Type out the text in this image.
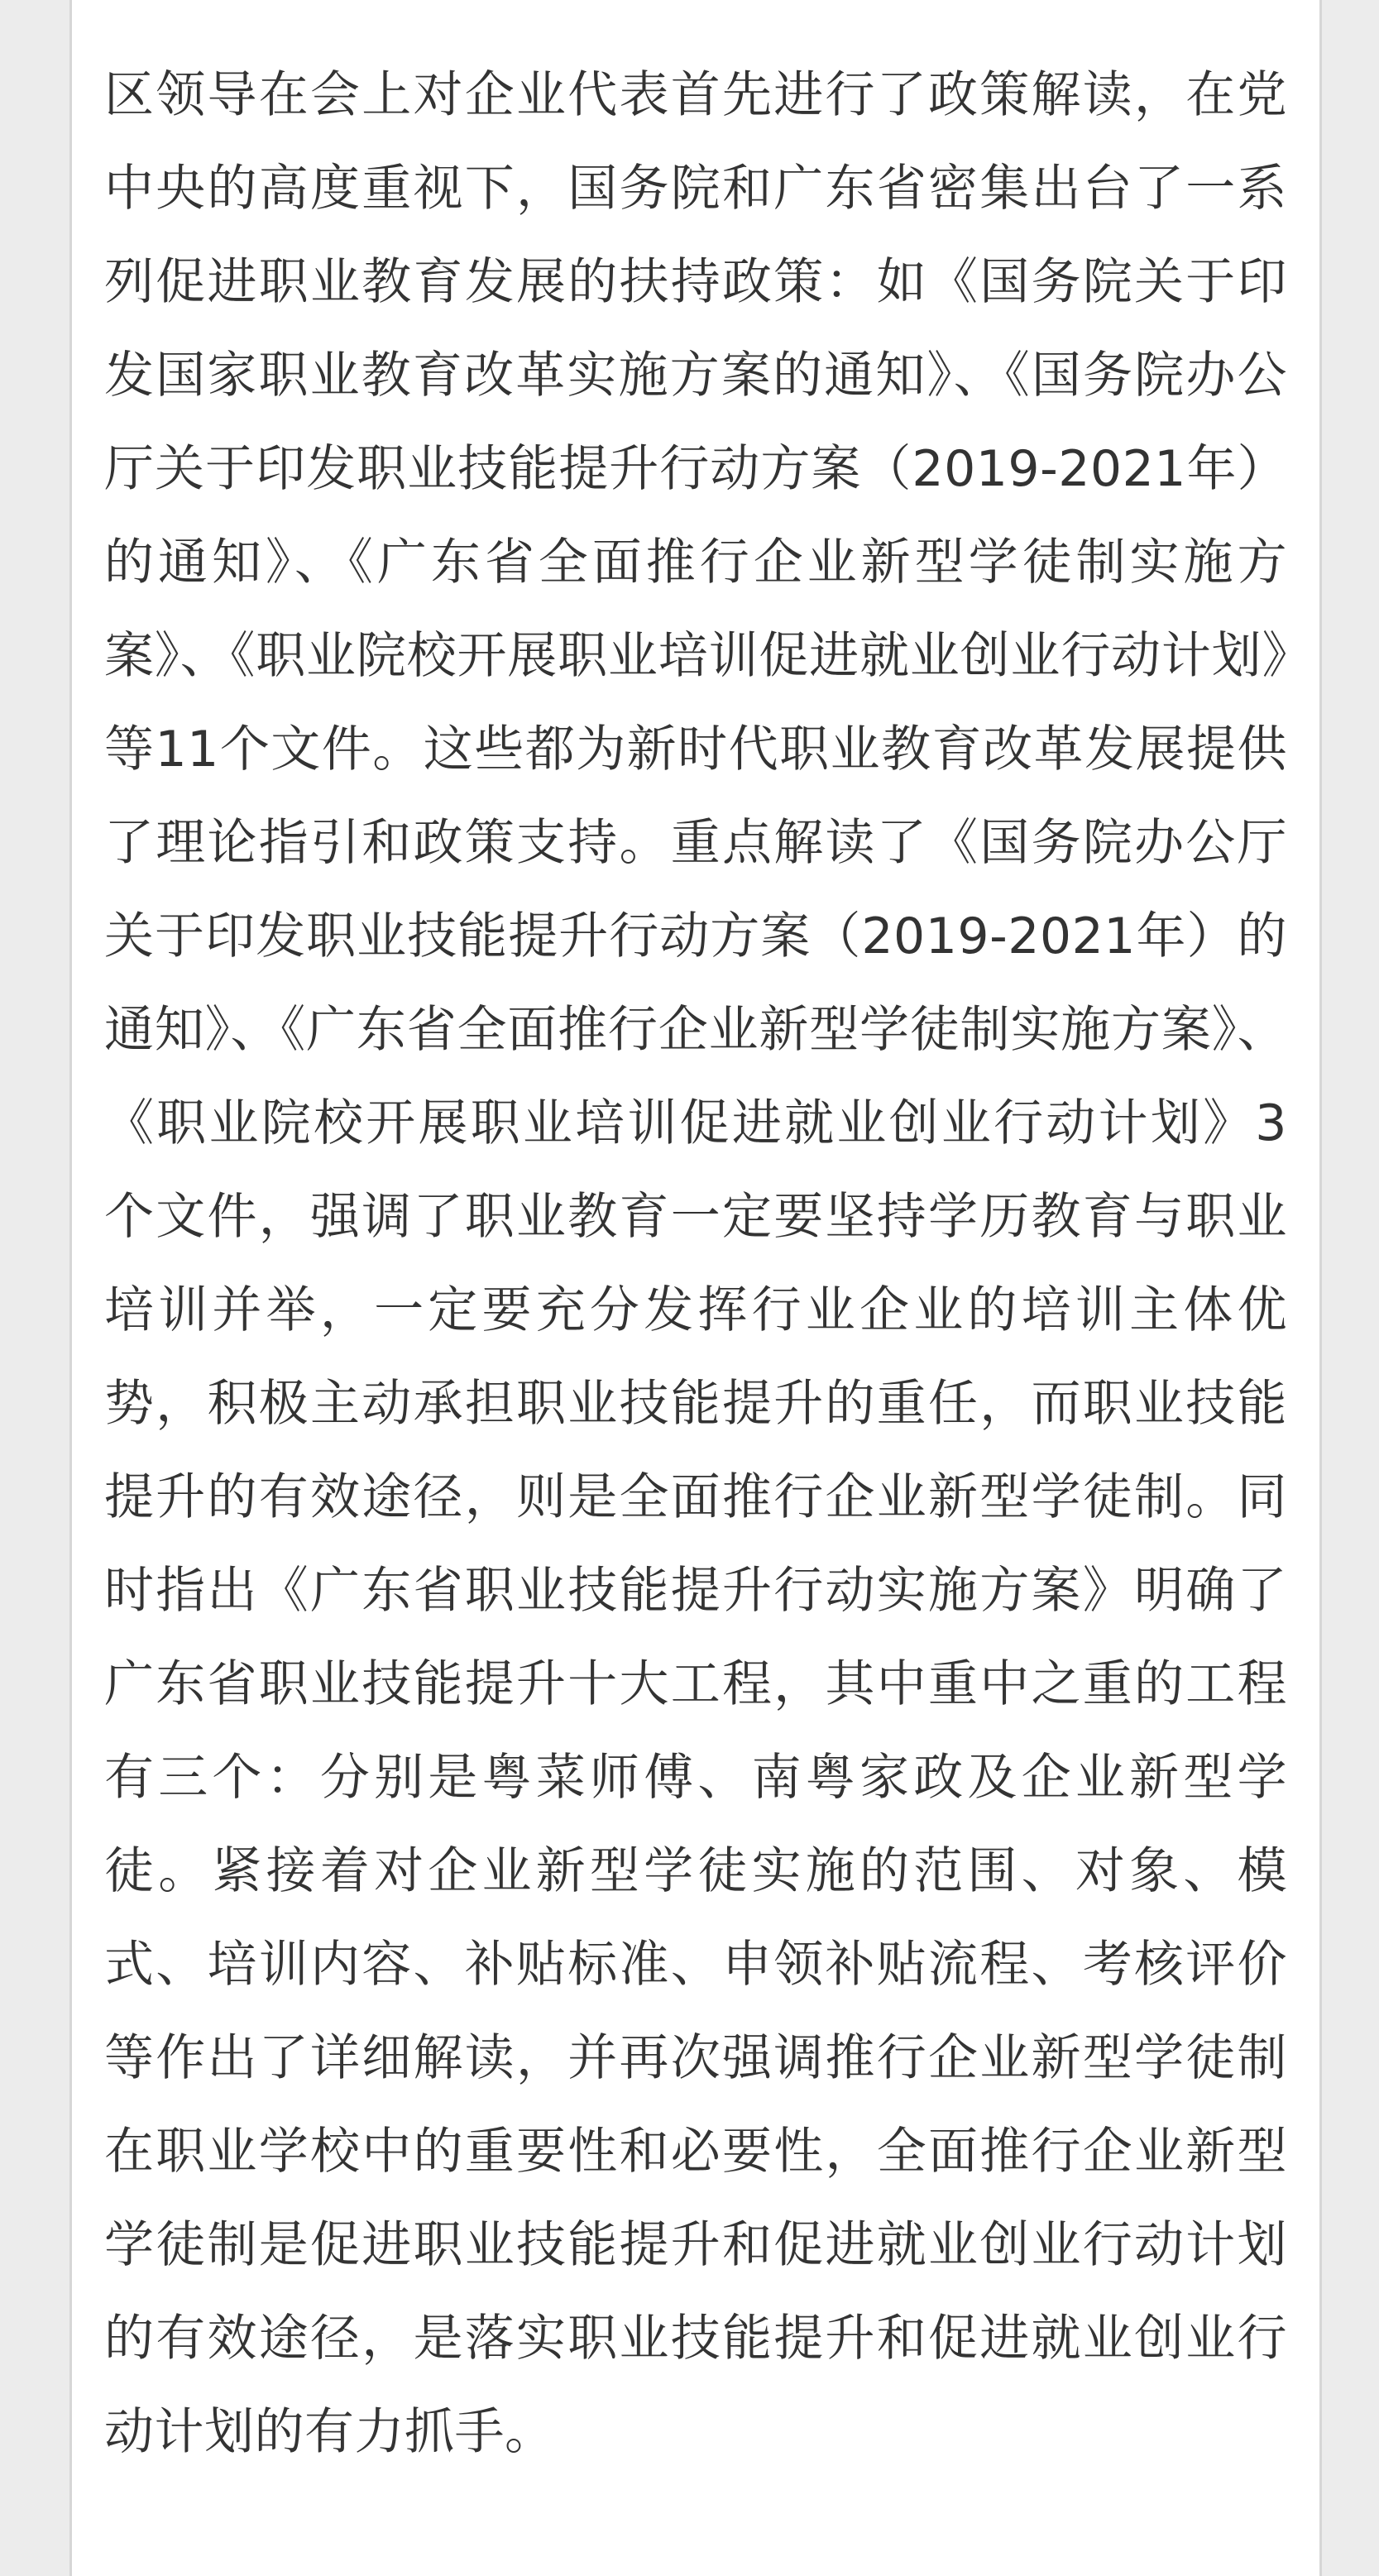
区领导在会上对企业代表首先进行了政策解读，在党中央的高度重视下，国务院和广东省密集出台了一系列促进职业教育发展的扶持政策：如《国务院关于印发国家职业教育改革实施方案的通知》、《国务院办公厅关于印发职业技能提升行动方案（2019-2021年）的通知》、《广东省全面推行企业新型学徒制实施方案》、《职业院校开展职业培训促进就业创业行动计划》等11个文件。这些都为新时代职业教育改革发展提供了理论指引和政策支持。重点解读了《国务院办公厅关于印发职业技能提升行动方案（2019-2021年）的通知》、《广东省全面推行企业新型学徒制实施方案》、《职业院校开展职业培训促进就业创业行动计划》3个文件，强调了职业教育一定要坚持学历教育与职业培训并举，一定要充分发挥行业企业的培训主体优势，积极主动承担职业技能提升的重任，而职业技能提升的有效途径，则是全面推行企业新型学徒制。同时指出《广东省职业技能提升行动实施方案》明确了广东省职业技能提升十大工程，其中重中之重的工程有三个：分别是粤菜师傅、南粤家政及企业新型学徒。紧接着对企业新型学徒实施的范围、对象、模式、培训内容、补贴标准、申领补贴流程、考核评价等作出了详细解读，并再次强调推行企业新型学徒制在职业学校中的重要性和必要性，全面推行企业新型学徒制是促进职业技能提升和促进就业创业行动计划的有效途径，是落实职业技能提升和促进就业创业行动计划的有力抓手。
